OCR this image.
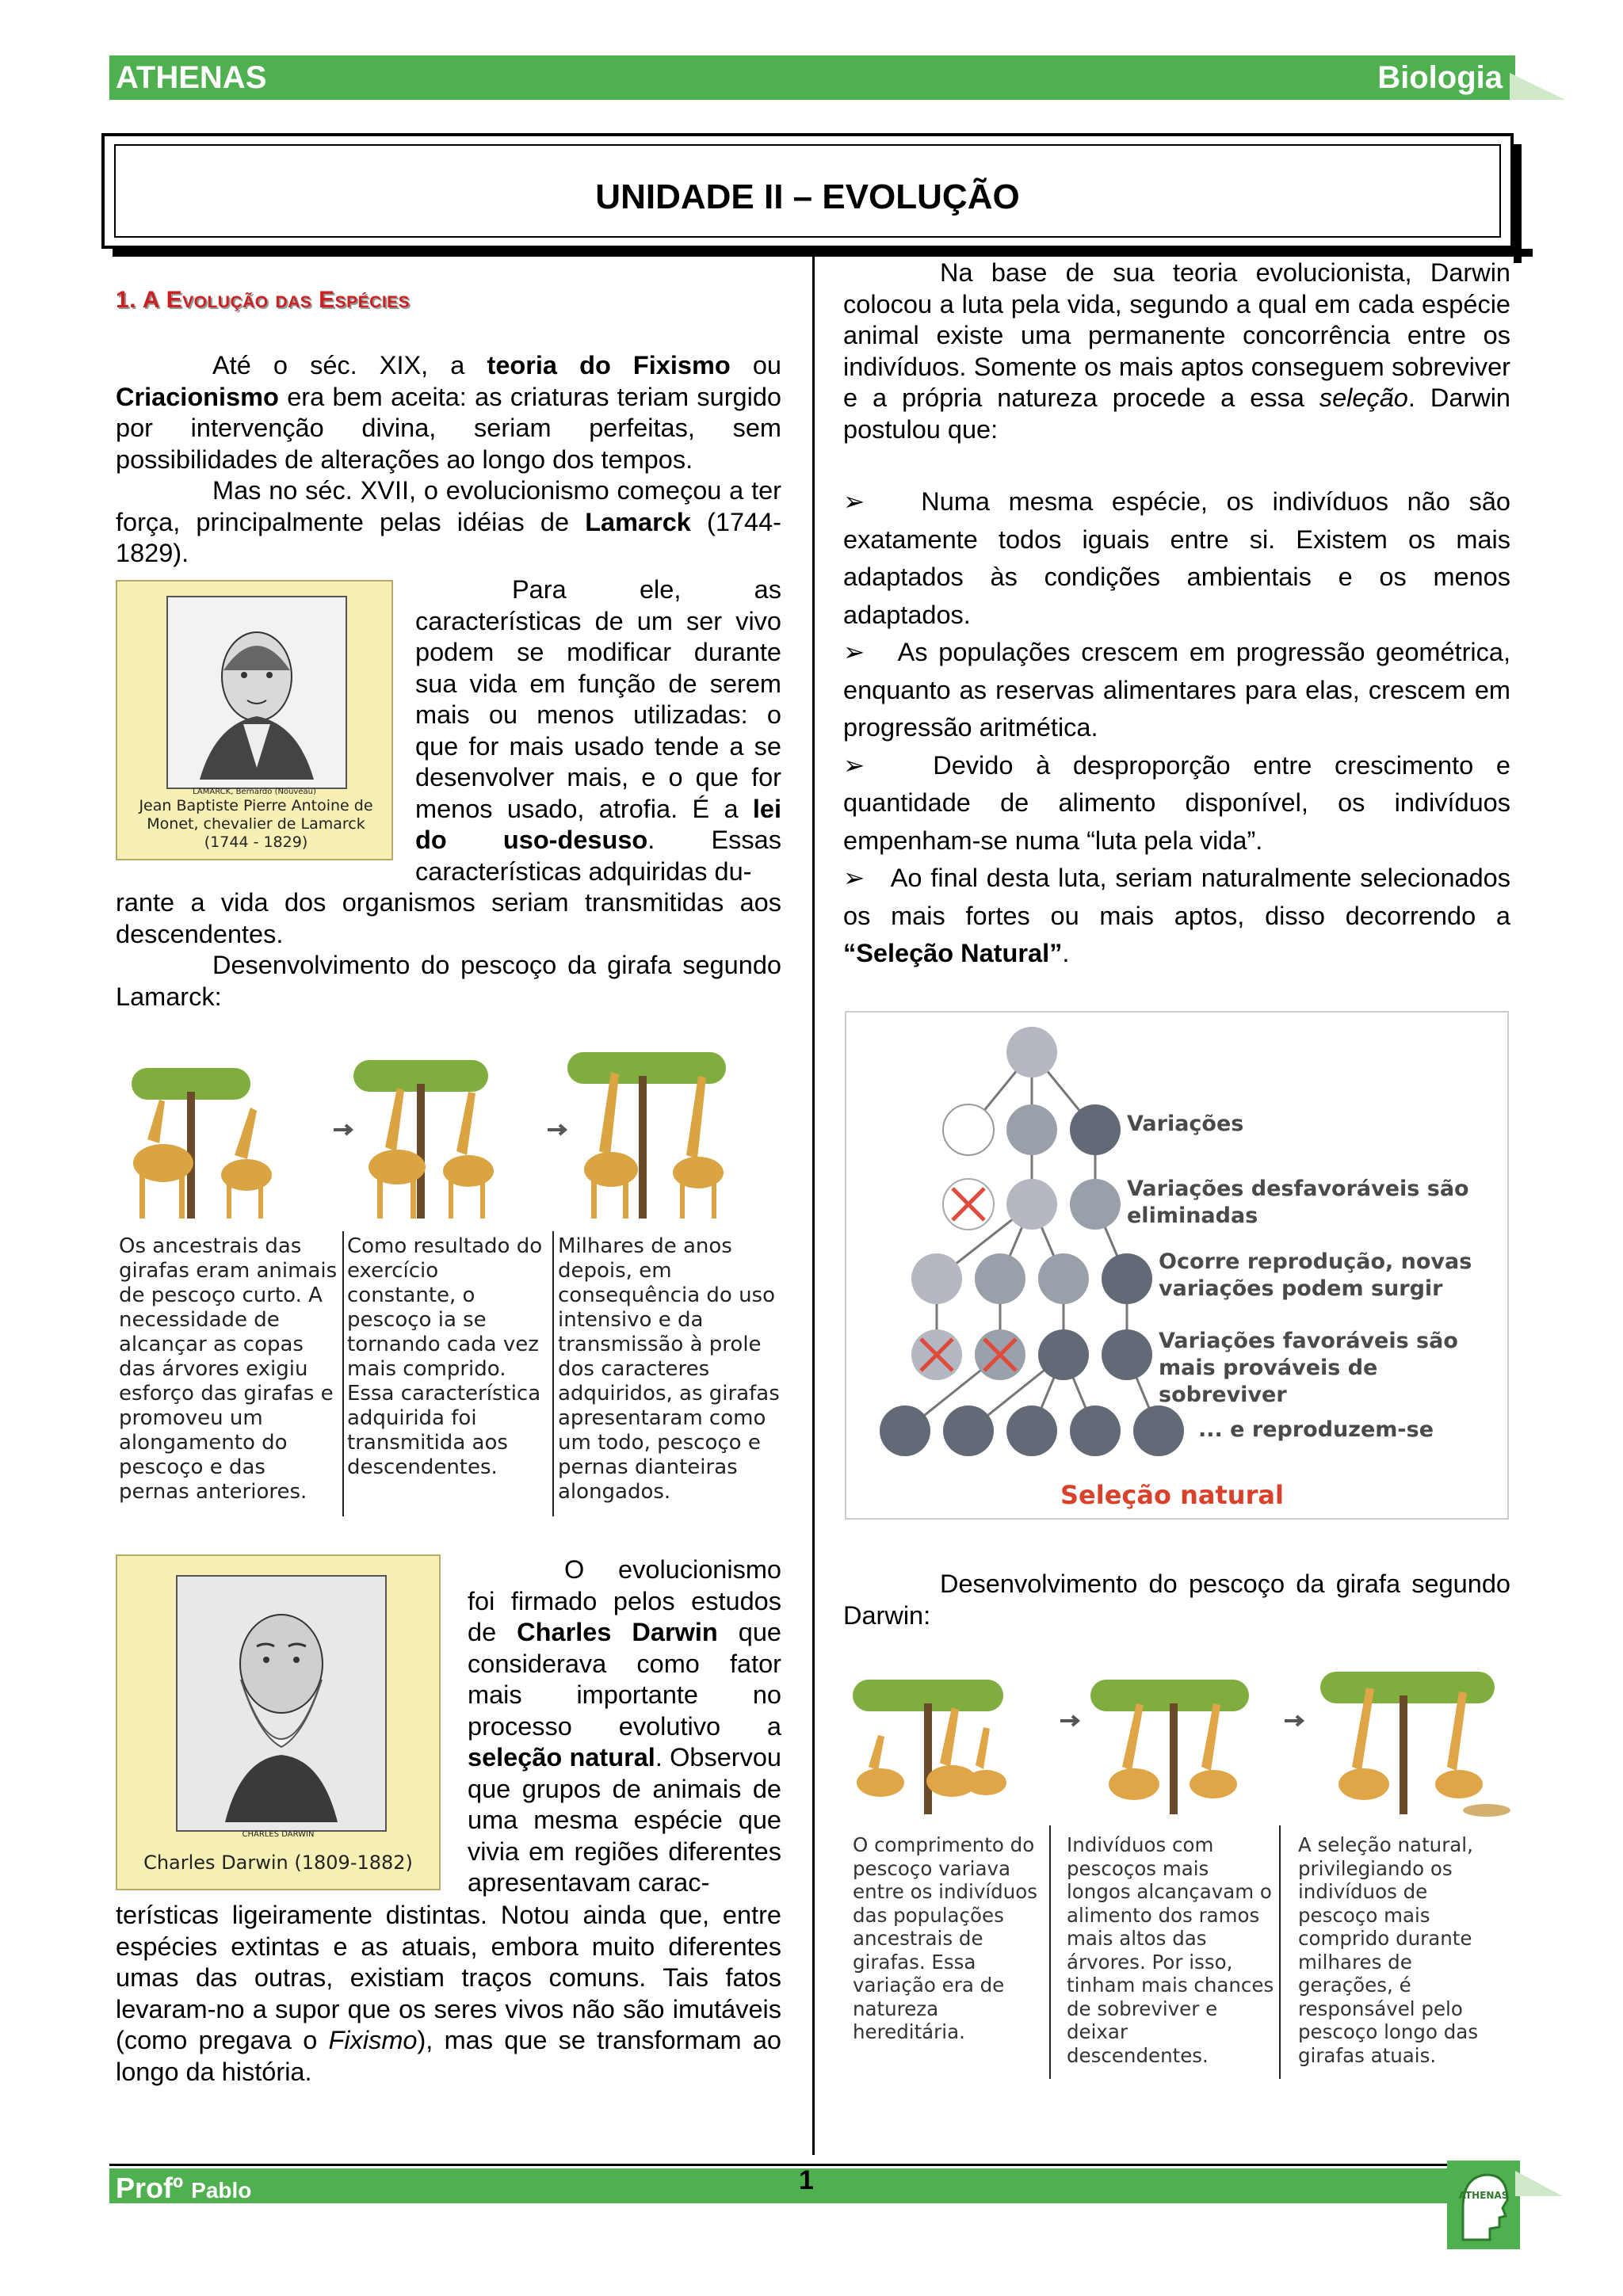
ATHENAS	Biologia
UNIDADE II – EVOLUÇÃO
1. A Evolução das Espécies

Até o séc. XIX, a teoria do Fixismo ou Criacionismo era bem aceita: as criaturas teriam surgido por intervenção divina, seriam perfeitas, sem possibilidades de alterações ao longo dos tempos.

Mas no séc. XVII, o evolucionismo começou a ter força, principalmente pelas idéias de Lamarck (1744-1829).

LAMARCK, Bernardo (Nouveau)
Jean Baptiste Pierre Antoine de Monet, chevalier de Lamarck (1744 - 1829)

Para ele, as características de um ser vivo podem se modificar durante sua vida em função de serem mais ou menos utilizadas: o que for mais usado tende a se desenvolver mais, e o que for menos usado, atrofia. É a lei do uso-desuso. Essas características adquiridas du-

rante a vida dos organismos seriam transmitidas aos descendentes.

Desenvolvimento do pescoço da girafa segundo Lamarck:

Os ancestrais das girafas eram animais de pescoço curto. A necessidade de alcançar as copas das árvores exigiu esforço das girafas e promoveu um alongamento do pescoço e das pernas anteriores.
Como resultado do exercício constante, o pescoço ia se tornando cada vez mais comprido. Essa característica adquirida foi transmitida aos descendentes.
Milhares de anos depois, em consequência do uso intensivo e da transmissão à prole dos caracteres adquiridos, as girafas apresentaram como um todo, pescoço e pernas dianteiras alongados.
CHARLES DARWIN
Charles Darwin (1809-1882)

O evolucionismo foi firmado pelos estudos de Charles Darwin que considerava como fator mais importante no processo evolutivo a seleção natural. Observou que grupos de animais de uma mesma espécie que vivia em regiões diferentes apresentavam carac-

terísticas ligeiramente distintas. Notou ainda que, entre espécies extintas e as atuais, embora muito diferentes umas das outras, existiam traços comuns. Tais fatos levaram-no a supor que os seres vivos não são imutáveis (como pregava o Fixismo), mas que se transformam ao longo da história.

Na base de sua teoria evolucionista, Darwin colocou a luta pela vida, segundo a qual em cada espécie animal existe uma permanente concorrência entre os indivíduos. Somente os mais aptos conseguem sobreviver e a própria natureza procede a essa seleção. Darwin postulou que:

➢   Numa mesma espécie, os indivíduos não são exatamente todos iguais entre si. Existem os mais adaptados às condições ambientais e os menos adaptados.

➢   As populações crescem em progressão geométrica, enquanto as reservas alimentares para elas, crescem em progressão aritmética.

➢   Devido à desproporção entre crescimento e quantidade de alimento disponível, os indivíduos empenham-se numa “luta pela vida”.

➢   Ao final desta luta, seriam naturalmente selecionados os mais fortes ou mais aptos, disso decorrendo a “Seleção Natural”.

Variações
Variações desfavoráveis são eliminadas
Ocorre reprodução, novas variações podem surgir
Variações favoráveis são mais prováveis de sobreviver
... e reproduzem-se
Seleção natural

Desenvolvimento do pescoço da girafa segundo Darwin:

O comprimento do pescoço variava entre os indivíduos das populações ancestrais de girafas. Essa variação era de natureza hereditária.
Indivíduos com pescoços mais longos alcançavam o alimento dos ramos mais altos das árvores. Por isso, tinham mais chances de sobreviver e deixar descendentes.
A seleção natural, privilegiando os indivíduos de pescoço mais comprido durante milhares de gerações, é responsável pelo pescoço longo das girafas atuais.
Profº Pablo	1	ATHENAS
